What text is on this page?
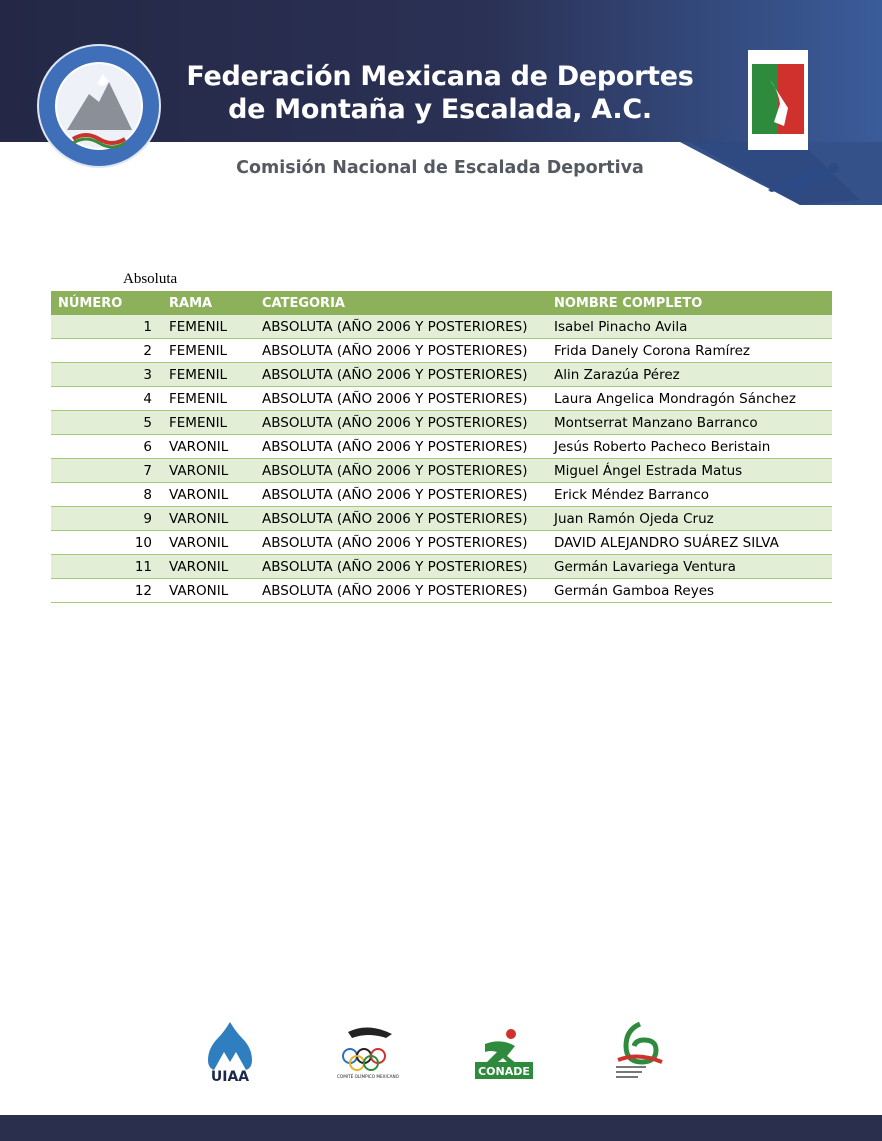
Federación Mexicana de Deportes
de Montaña y Escalada, A.C.
Comisión Nacional de Escalada Deportiva
Absoluta
NÚMERO	RAMA	CATEGORIA	NOMBRE COMPLETO
1	FEMENIL	ABSOLUTA (AÑO 2006 Y POSTERIORES)	Isabel Pinacho Avila
2	FEMENIL	ABSOLUTA (AÑO 2006 Y POSTERIORES)	Frida Danely Corona Ramírez
3	FEMENIL	ABSOLUTA (AÑO 2006 Y POSTERIORES)	Alin Zarazúa Pérez
4	FEMENIL	ABSOLUTA (AÑO 2006 Y POSTERIORES)	Laura Angelica Mondragón Sánchez
5	FEMENIL	ABSOLUTA (AÑO 2006 Y POSTERIORES)	Montserrat Manzano Barranco
6	VARONIL	ABSOLUTA (AÑO 2006 Y POSTERIORES)	Jesús Roberto Pacheco Beristain
7	VARONIL	ABSOLUTA (AÑO 2006 Y POSTERIORES)	Miguel Ángel Estrada Matus
8	VARONIL	ABSOLUTA (AÑO 2006 Y POSTERIORES)	Erick Méndez Barranco
9	VARONIL	ABSOLUTA (AÑO 2006 Y POSTERIORES)	Juan Ramón Ojeda Cruz
10	VARONIL	ABSOLUTA (AÑO 2006 Y POSTERIORES)	DAVID ALEJANDRO SUÁREZ SILVA
11	VARONIL	ABSOLUTA (AÑO 2006 Y POSTERIORES)	Germán Lavariega Ventura
12	VARONIL	ABSOLUTA (AÑO 2006 Y POSTERIORES)	Germán Gamboa Reyes
UIAA	COMITÉ OLÍMPICO MEXICANO	CONADE
